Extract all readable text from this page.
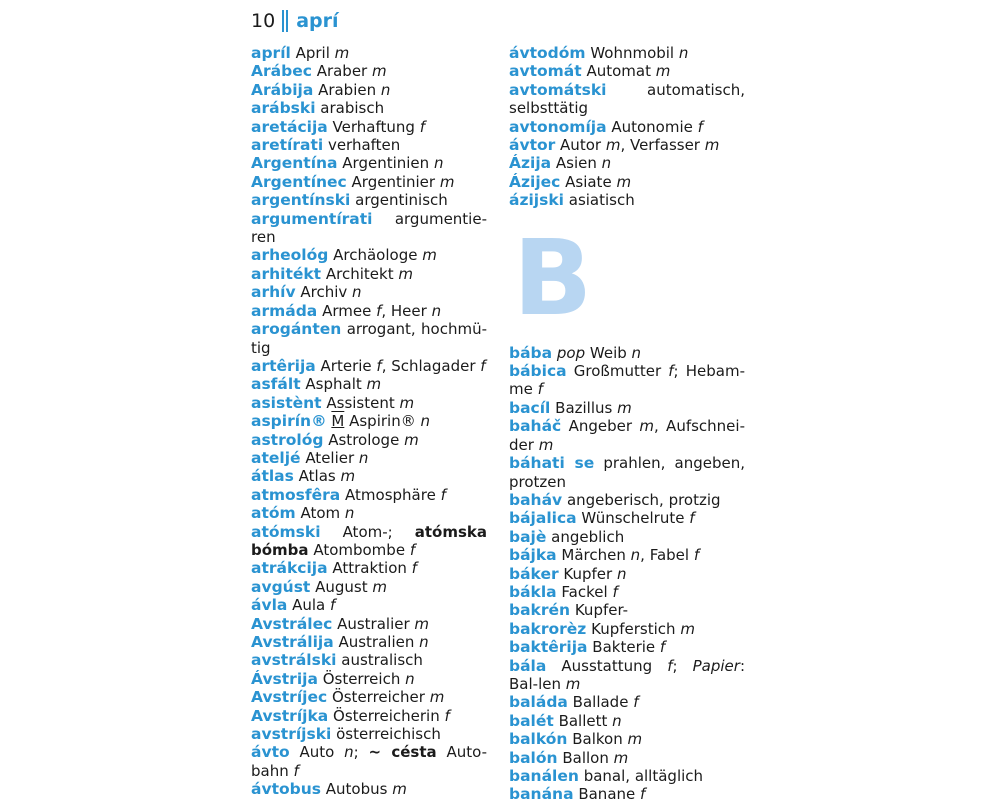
10 aprí
apríl April m
Arábec Araber m
Arábija Arabien n
arábski arabisch
aretácija Verhaftung f
aretírati verhaften
Argentína Argentinien n
Argentínec Argentinier m
argentínski argentinisch
argumentírati argumentie-ren
arheológ Archäologe m
arhitékt Architekt m
arhív Archiv n
armáda Armee f, Heer n
arogánten arrogant, hochmü-tig
artêrija Arterie f, Schlagader f
asfált Asphalt m
asistènt Assistent m
aspirín® M Aspirin® n
astrológ Astrologe m
ateljé Atelier n
átlas Atlas m
atmosfêra Atmosphäre f
atóm Atom n
atómski Atom-; atómska bómba Atombombe f
atrákcija Attraktion f
avgúst August m
ávla Aula f
Avstrálec Australier m
Avstrálija Australien n
avstrálski australisch
Ávstrija Österreich n
Avstríjec Österreicher m
Avstríjka Österreicherin f
avstríjski österreichisch
ávto Auto n; ~ césta Auto-bahn f
ávtobus Autobus m
ávtodóm Wohnmobil n
avtomát Automat m
avtomátski	automatisch, selbsttätig
avtonomíja Autonomie f
ávtor Autor m, Verfasser m
Ázija Asien n
Ázijec Asiate m
ázijski asiatisch
B
bába pop Weib n
bábica Großmutter f; Hebam-me f
bacíl Bazillus m
baháč Angeber m, Aufschnei-der m
báhati se prahlen, angeben, protzen
baháv angeberisch, protzig
bájalica Wünschelrute f
bajè angeblich
bájka Märchen n, Fabel f
báker Kupfer n
bákla Fackel f
bakrén Kupfer-
bakrorèz Kupferstich m
baktêrija Bakterie f
bála Ausstattung f; Papier: Bal-len m
baláda Ballade f
balét Ballett n
balkón Balkon m
balón Ballon m
banálen banal, alltäglich
banána Banane f
